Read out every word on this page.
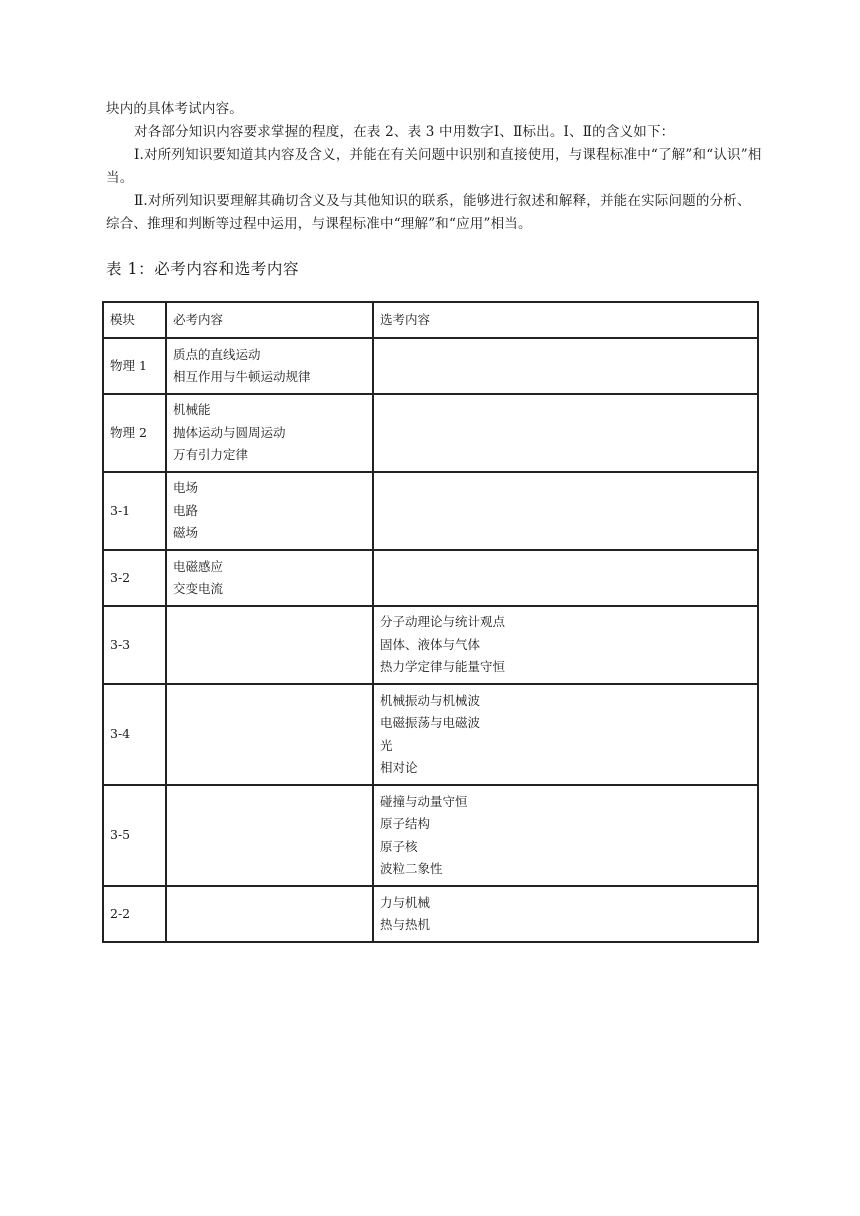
块内的具体考试内容。

对各部分知识内容要求掌握的程度，在表 2、表 3 中用数字Ⅰ、Ⅱ标出。Ⅰ、Ⅱ的含义如下：

Ⅰ.对所列知识要知道其内容及含义，并能在有关问题中识别和直接使用，与课程标准中“了解”和“认识”相当。

Ⅱ.对所列知识要理解其确切含义及与其他知识的联系，能够进行叙述和解释，并能在实际问题的分析、综合、推理和判断等过程中运用，与课程标准中“理解”和“应用”相当。

表 1：必考内容和选考内容

模块	必考内容	选考内容
物理 1	质点的直线运动
相互作用与牛顿运动规律	

物理 2	机械能
抛体运动与圆周运动
万有引力定律	

3-1	电场
电路
磁场	

3-2	电磁感应
交变电流	

3-3		分子动理论与统计观点
固体、液体与气体
热力学定律与能量守恒

3-4		机械振动与机械波
电磁振荡与电磁波
光
相对论

3-5		碰撞与动量守恒
原子结构
原子核
波粒二象性

2-2		力与机械
热与热机
